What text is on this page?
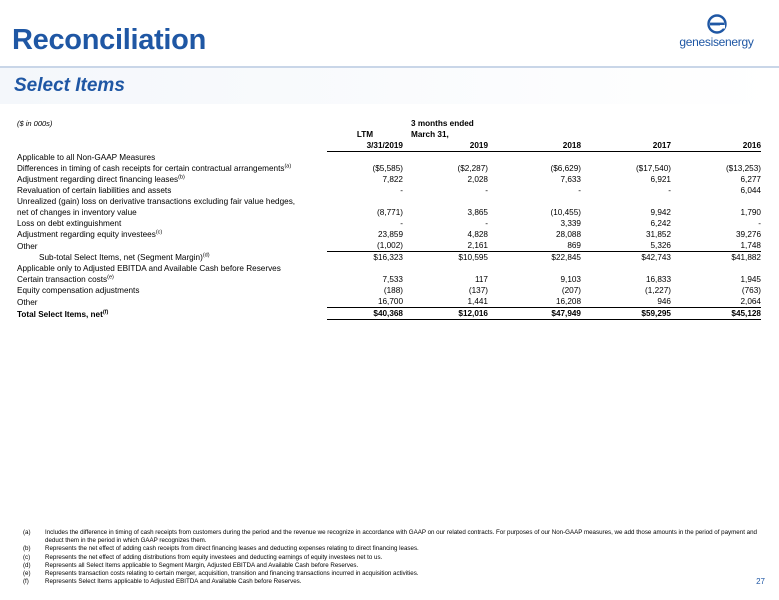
Reconciliation	genesisenergy
Select Items
($ in 000s)		3 months ended			
	LTM	March 31,			
	3/31/2019	2019	2018	2017	2016
Applicable to all Non-GAAP Measures					
Differences in timing of cash receipts for certain contractual arrangements$^{(a)}$	($5,585)	($2,287)	($6,629)	($17,540)	($13,253)
Adjustment regarding direct financing leases$^{(b)}$	7,822	2,028	7,633	6,921	6,277
Revaluation of certain liabilities and assets	-	-	-	-	6,044
Unrealized (gain) loss on derivative transactions excluding fair value hedges,					
net of changes in inventory value	(8,771)	3,865	(10,455)	9,942	1,790
Loss on debt extinguishment	-	-	3,339	6,242	-
Adjustment regarding equity investees$^{(c)}$	23,859	4,828	28,088	31,852	39,276
Other	(1,002)	2,161	869	5,326	1,748
Sub-total Select Items, net (Segment Margin)$^{(d)}$	$16,323	$10,595	$22,845	$42,743	$41,882
Applicable only to Adjusted EBITDA and Available Cash before Reserves					
Certain transaction costs$^{(e)}$	7,533	117	9,103	16,833	1,945
Equity compensation adjustments	(188)	(137)	(207)	(1,227)	(763)
Other	16,700	1,441	16,208	946	2,064
Total Select Items, net$^{(f)}$	$40,368	$12,016	$47,949	$59,295	$45,128
(a)	Includes the difference in timing of cash receipts from customers during the period and the revenue we recognize in accordance with GAAP on our related contracts. For purposes of our Non-GAAP measures, we add those amounts in the period of payment and deduct them in the period in which GAAP recognizes them.
(b)	Represents the net effect of adding cash receipts from direct financing leases and deducting expenses relating to direct financing leases.
(c)	Represents the net effect of adding distributions from equity investees and deducting earnings of equity investees net to us.
(d)	Represents all Select Items applicable to Segment Margin, Adjusted EBITDA and Available Cash before Reserves.
(e)	Represents transaction costs relating to certain merger, acquisition, transition and financing transactions incurred in acquisition activities.
(f)	Represents Select Items applicable to Adjusted EBITDA and Available Cash before Reserves.	27
